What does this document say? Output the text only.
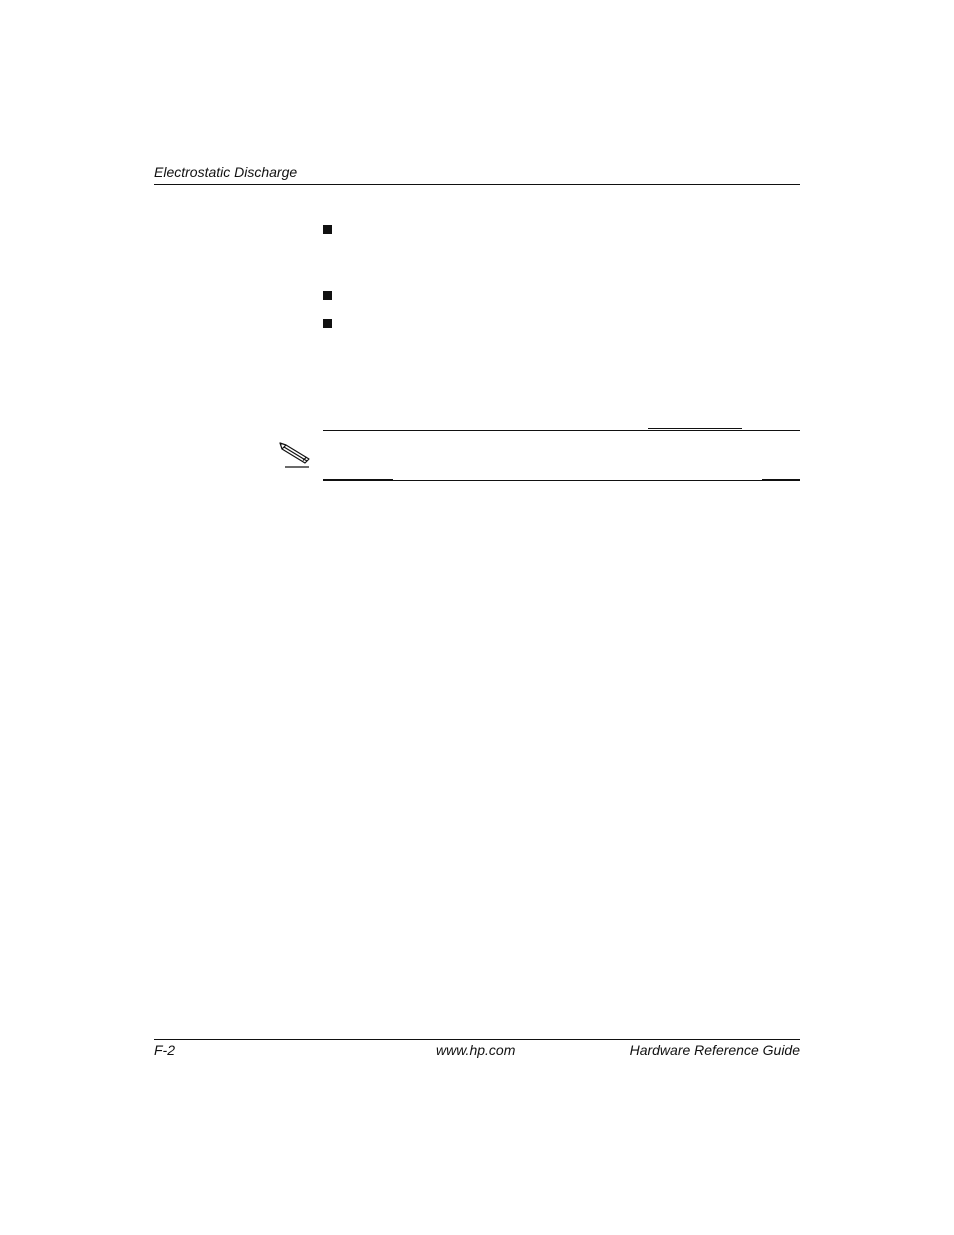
Electrostatic Discharge
F-2	www.hp.com	Hardware Reference Guide
